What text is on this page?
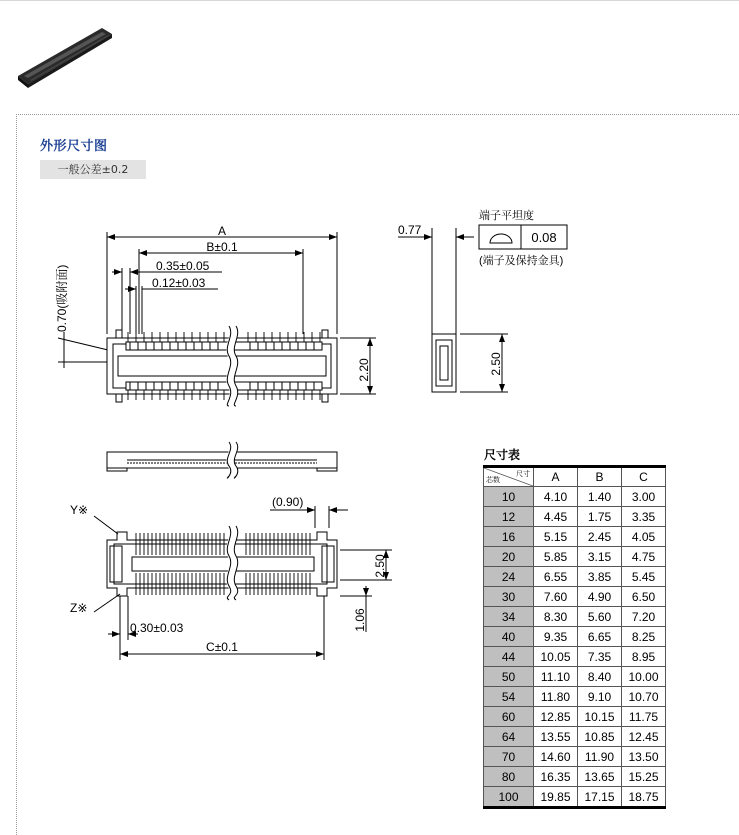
外形尺寸图
一般公差±0.2
A
B±0.1
0.35±0.05
0.12±0.03
0.70(吸附面)
2.20
0.77
端子平坦度
0.08
(端子及保持金具)
2.50
(0.90)
Y※
Z※
2.50
1.06
0.30±0.03
C±0.1
尺寸表
尺寸
芯数	A	B	C
10	4.10	1.40	3.00
12	4.45	1.75	3.35
16	5.15	2.45	4.05
20	5.85	3.15	4.75
24	6.55	3.85	5.45
30	7.60	4.90	6.50
34	8.30	5.60	7.20
40	9.35	6.65	8.25
44	10.05	7.35	8.95
50	11.10	8.40	10.00
54	11.80	9.10	10.70
60	12.85	10.15	11.75
64	13.55	10.85	12.45
70	14.60	11.90	13.50
80	16.35	13.65	15.25
100	19.85	17.15	18.75
